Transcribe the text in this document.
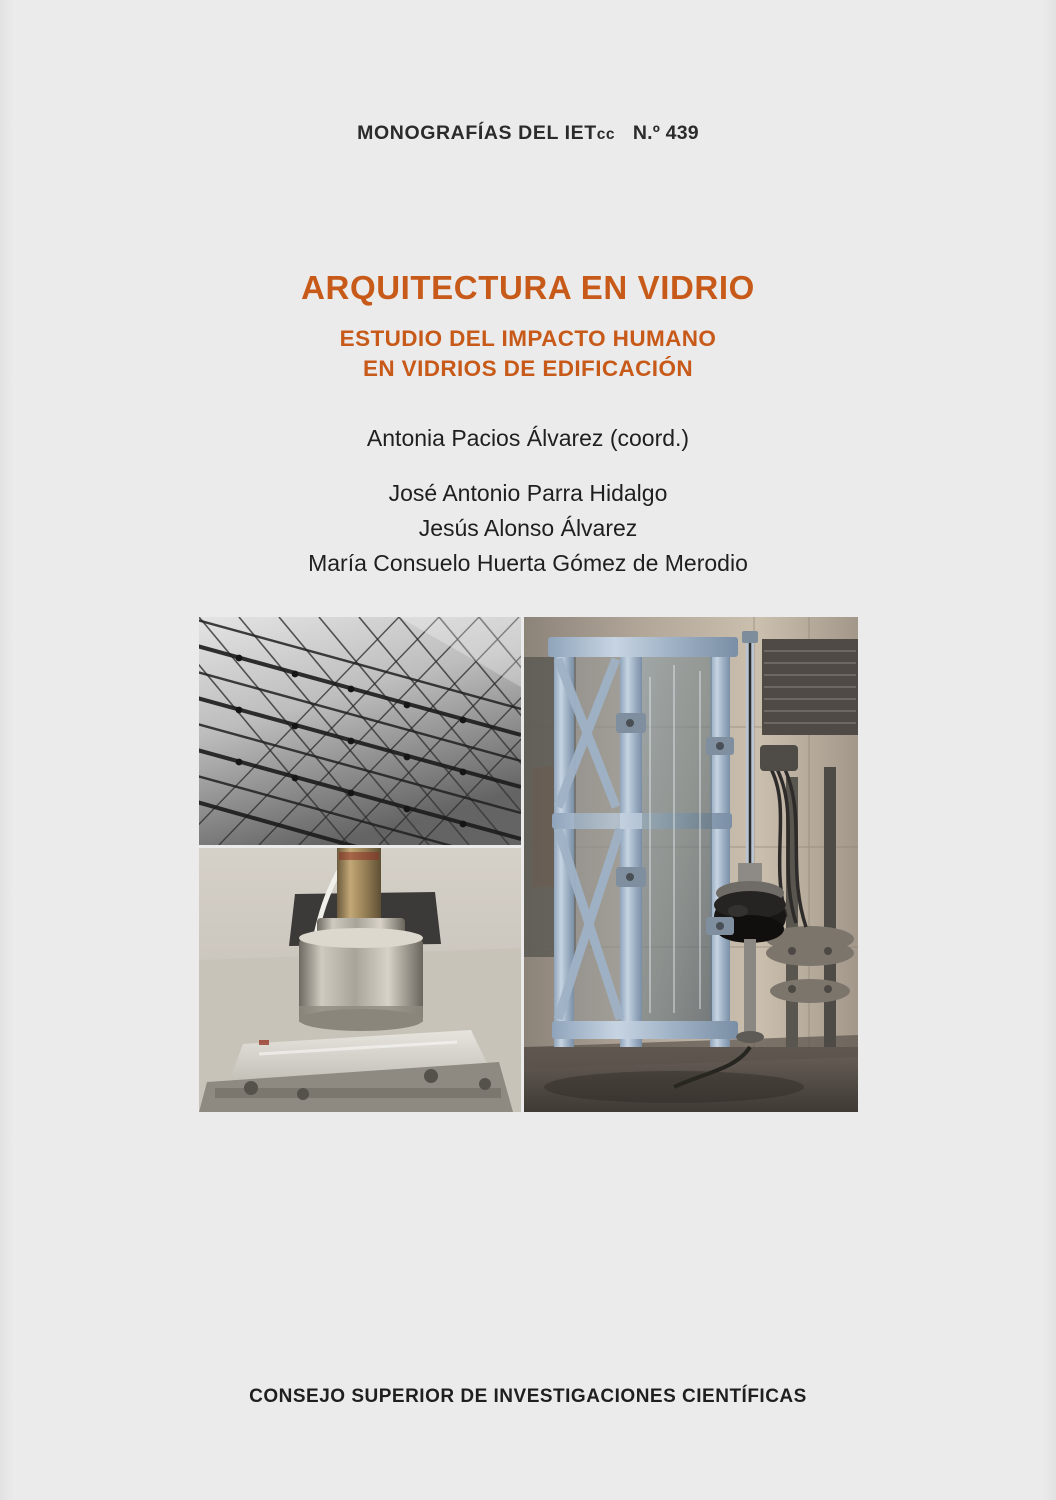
MONOGRAFÍAS DEL IETcc N.º 439
ARQUITECTURA EN VIDRIO
ESTUDIO DEL IMPACTO HUMANO
EN VIDRIOS DE EDIFICACIÓN
Antonia Pacios Álvarez (coord.)
José Antonio Parra Hidalgo
Jesús Alonso Álvarez
María Consuelo Huerta Gómez de Merodio
CONSEJO SUPERIOR DE INVESTIGACIONES CIENTÍFICAS
